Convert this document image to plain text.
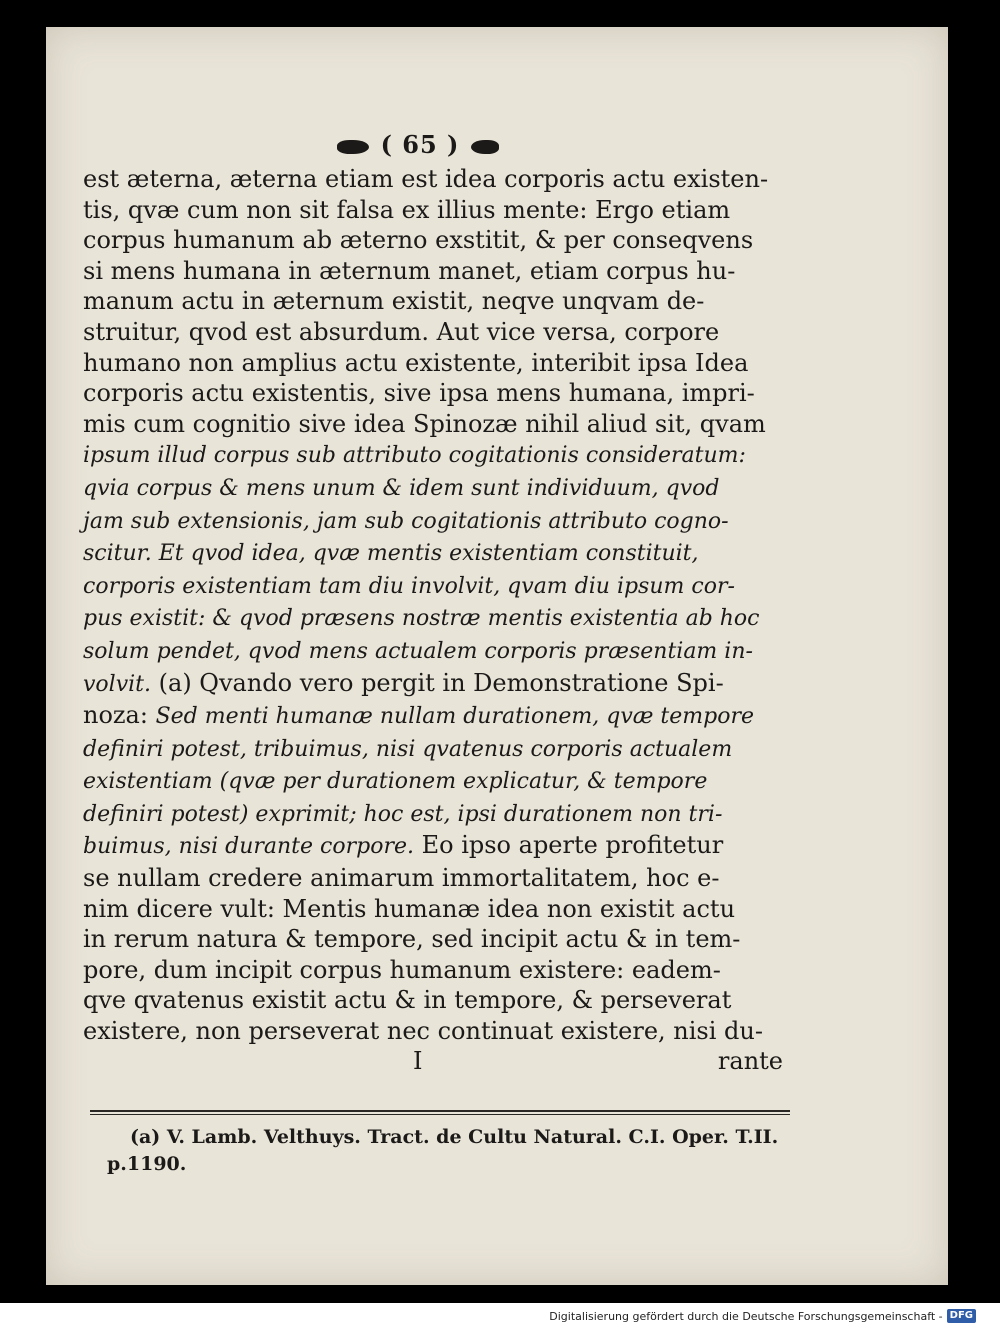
( 65 )
est æterna, æterna etiam est idea corporis actu existen-
tis, qvæ cum non sit falsa ex illius mente: Ergo etiam
corpus humanum ab æterno exstitit, & per conseqvens
si mens humana in æternum manet, etiam corpus hu-
manum actu in æternum existit, neqve unqvam de-
struitur, qvod est absurdum. Aut vice versa, corpore
humano non amplius actu existente, interibit ipsa Idea
corporis actu existentis, sive ipsa mens humana, impri-
mis cum cognitio sive idea Spinozæ nihil aliud sit, qvam
ipsum illud corpus sub attributo cogitationis consideratum:
qvia corpus & mens unum & idem sunt individuum, qvod
jam sub extensionis, jam sub cogitationis attributo cogno-
scitur. Et qvod idea, qvæ mentis existentiam constituit,
corporis existentiam tam diu involvit, qvam diu ipsum cor-
pus existit: & qvod præsens nostræ mentis existentia ab hoc
solum pendet, qvod mens actualem corporis præsentiam in-
volvit. (a) Qvando vero pergit in Demonstratione Spi-
noza: Sed menti humanæ nullam durationem, qvæ tempore
definiri potest, tribuimus, nisi qvatenus corporis actualem
existentiam (qvæ per durationem explicatur, & tempore
definiri potest) exprimit; hoc est, ipsi durationem non tri-
buimus, nisi durante corpore. Eo ipso aperte profitetur
se nullam credere animarum immortalitatem, hoc e-
nim dicere vult: Mentis humanæ idea non existit actu
in rerum natura & tempore, sed incipit actu & in tem-
pore, dum incipit corpus humanum existere: eadem-
qve qvatenus existit actu & in tempore, & perseverat
existere, non perseverat nec continuat existere, nisi du-
I	rante
(a) V. Lamb. Velthuys. Tract. de Cultu Natural. C.I. Oper. T.II.
p.1190.
Digitalisierung gefördert durch die Deutsche Forschungsgemeinschaft - DFG
